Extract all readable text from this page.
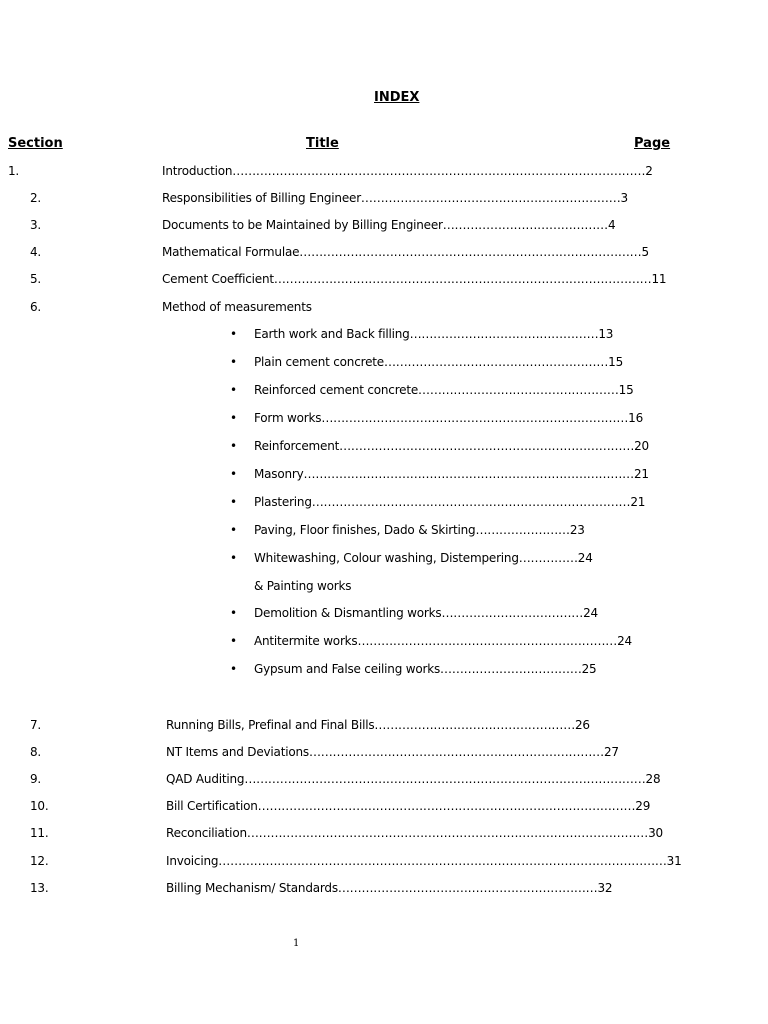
INDEX
Section	Title	Page
1.	Introduction……………………………………………………………………………………………2
2.	Responsibilities of Billing Engineer…………………………………………………………3
3.	Documents to be Maintained by Billing Engineer……………………………………4
4.	Mathematical Formulae……………………………………………………………………………5
5.	Cement Coefficient……………………………………………………………………………………11
6.	Method of measurements
• Earth work and Back filling…………………………………………13
• Plain cement concrete…………………………………………………15
• Reinforced cement concrete……………………………………………15
• Form works……………………………………………………………………16
• Reinforcement…………………………………………………………………20
• Masonry…………………………………………………………………………21
• Plastering………………………………………………………………………21
• Paving, Floor finishes, Dado & Skirting……………………23
• Whitewashing, Colour washing, Distempering……………24
& Painting works
• Demolition & Dismantling works………………………………24
• Antitermite works…………………………………………………………24
• Gypsum and False ceiling works………………………………25
7.	Running Bills, Prefinal and Final Bills……………………………………………26
8.	NT Items and Deviations…………………………………………………………………27
9.	QAD Auditing…………………………………………………………………………………………28
10.	Bill Certification……………………………………………………………………………………29
11.	Reconciliation…………………………………………………………………………………………30
12.	Invoicing……………………………………………………………………………………………………31
13.	Billing Mechanism/ Standards…………………………………………………………32
1
